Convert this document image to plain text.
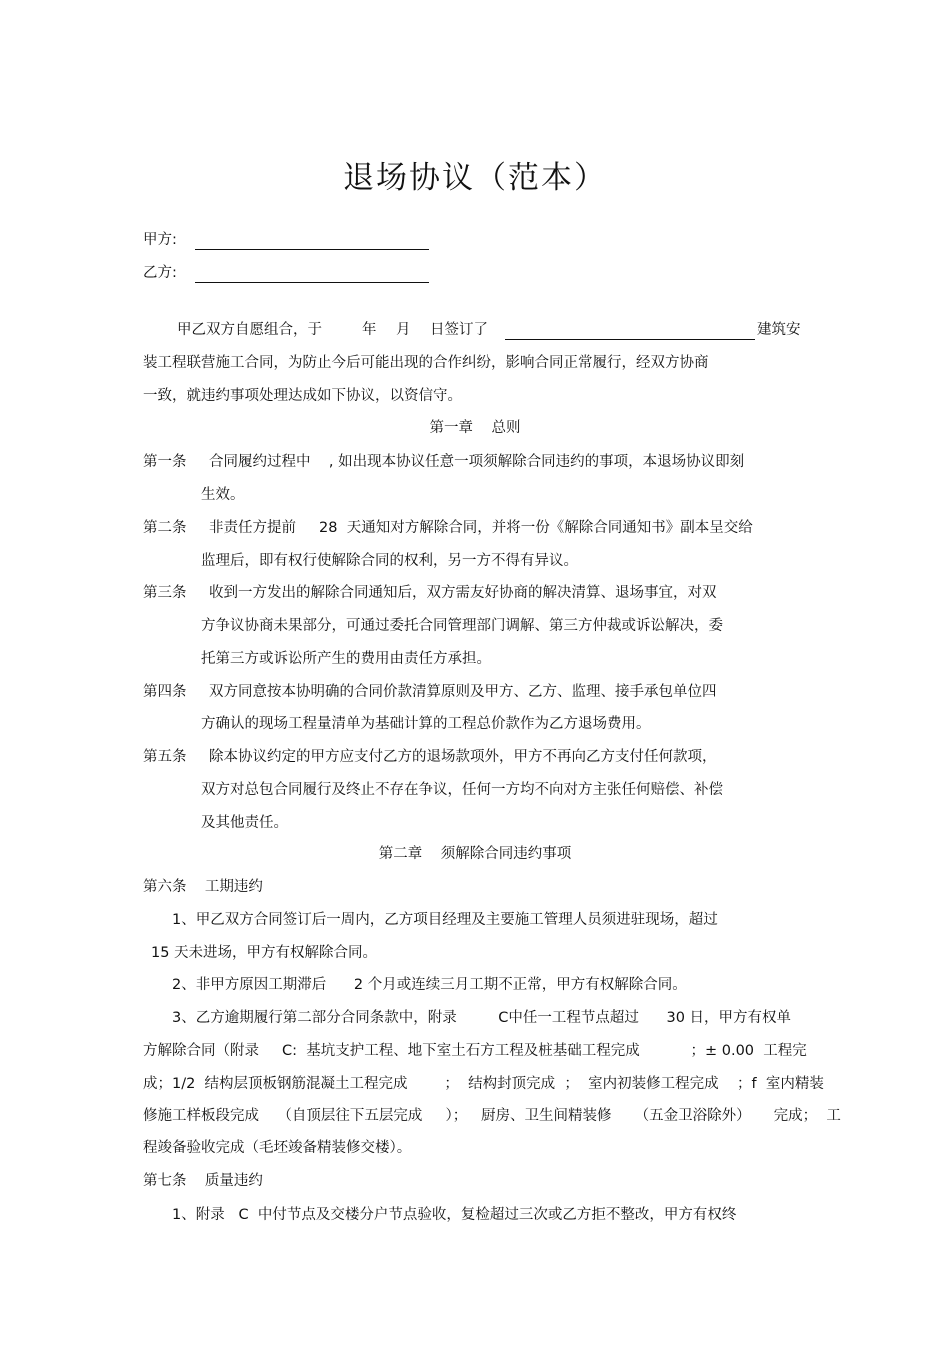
退场协议（范本）
甲方:
乙方:
甲乙双方自愿组合，于	年 月 日签订了	建筑安
装工程联营施工合同，为防止今后可能出现的合作纠纷，影响合同正常履行，经双方协商
一致，就违约事项处理达成如下协议，以资信守。
第一章    总则
第一条 合同履约过程中    , 如出现本协议任意一项须解除合同违约的事项，本退场协议即刻
生效。
第二条 非责任方提前     28  天通知对方解除合同，并将一份《解除合同通知书》副本呈交给
监理后，即有权行使解除合同的权利，另一方不得有异议。
第三条 收到一方发出的解除合同通知后，双方需友好协商的解决清算、退场事宜，对双
方争议协商未果部分，可通过委托合同管理部门调解、第三方仲裁或诉讼解决，委
托第三方或诉讼所产生的费用由责任方承担。
第四条 双方同意按本协明确的合同价款清算原则及甲方、乙方、监理、接手承包单位四
方确认的现场工程量清单为基础计算的工程总价款作为乙方退场费用。
第五条 除本协议约定的甲方应支付乙方的退场款项外，甲方不再向乙方支付任何款项，
双方对总包合同履行及终止不存在争议，任何一方均不向对方主张任何赔偿、补偿
及其他责任。
第二章    须解除合同违约事项
第六条    工期违约
1、甲乙双方合同签订后一周内，乙方项目经理及主要施工管理人员须进驻现场，超过
15 天未进场，甲方有权解除合同。
2、非甲方原因工期滞后      2 个月或连续三月工期不正常，甲方有权解除合同。
3、乙方逾期履行第二部分合同条款中，附录         C中任一工程节点超过      30 日，甲方有权单
方解除合同（附录     C:  基坑支护工程、地下室土石方工程及桩基础工程完成           ；± 0.00  工程完
成；1/2  结构层顶板钢筋混凝土工程完成        ；  结构封顶完成  ；  室内初装修工程完成    ；f  室内精装
修施工样板段完成    （自顶层往下五层完成     ）；   厨房、卫生间精装修     （五金卫浴除外）     完成；  工
程竣备验收完成（毛坯竣备精装修交楼）。
第七条    质量违约
1、附录   C  中付节点及交楼分户节点验收，复检超过三次或乙方拒不整改，甲方有权终
